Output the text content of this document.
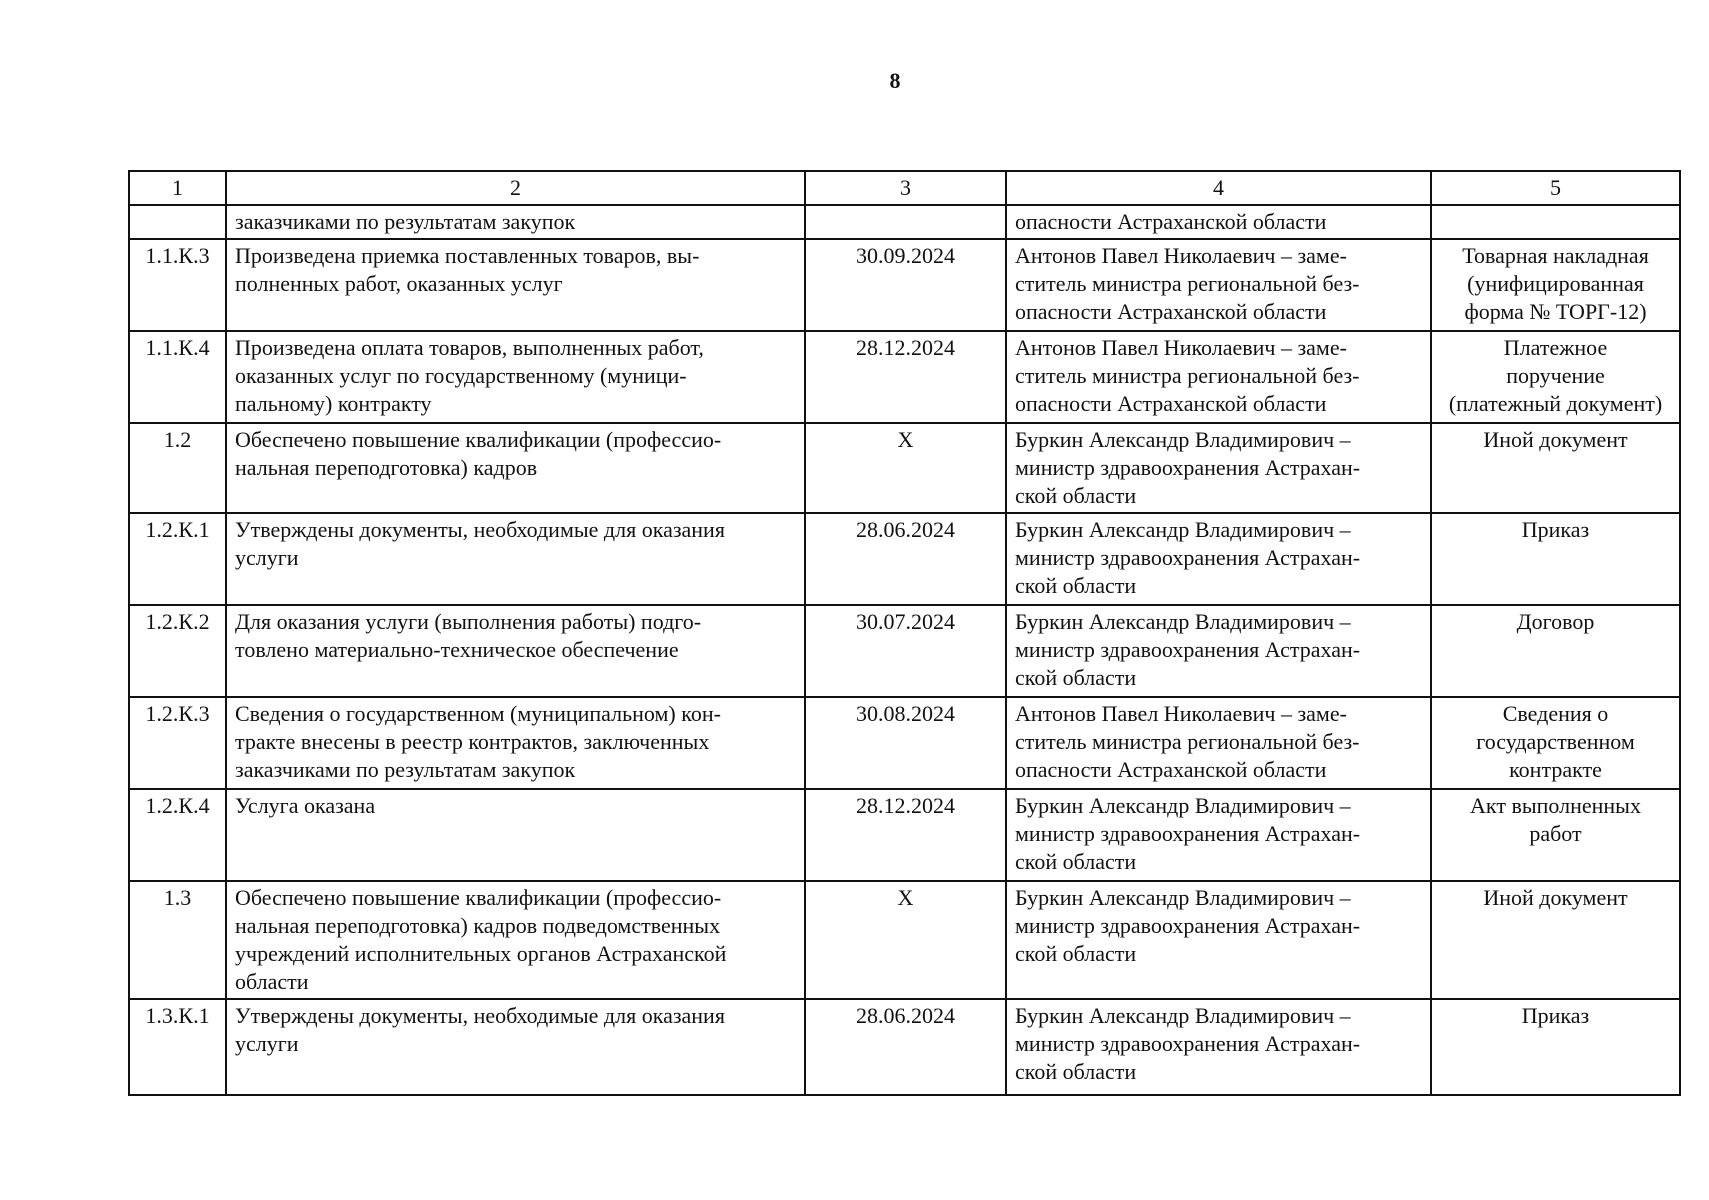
8
1	2	3	4	5

	заказчиками по результатам закупок		опасности Астраханской области	

1.1.К.3	Произведена приемка поставленных товаров, вы-
полненных работ, оказанных услуг	30.09.2024	Антонов Павел Николаевич – заме-
ститель министра региональной без-
опасности Астраханской области	Товарная накладная
(унифицированная
форма № ТОРГ-12)

1.1.К.4	Произведена оплата товаров, выполненных работ,
оказанных услуг по государственному (муници-
пальному) контракту	28.12.2024	Антонов Павел Николаевич – заме-
ститель министра региональной без-
опасности Астраханской области	Платежное
поручение
(платежный документ)

1.2	Обеспечено повышение квалификации (профессио-
нальная переподготовка) кадров	X	Буркин Александр Владимирович –
министр здравоохранения Астрахан-
ской области	Иной документ

1.2.К.1	Утверждены документы, необходимые для оказания
услуги	28.06.2024	Буркин Александр Владимирович –
министр здравоохранения Астрахан-
ской области	Приказ

1.2.К.2	Для оказания услуги (выполнения работы) подго-
товлено материально-техническое обеспечение	30.07.2024	Буркин Александр Владимирович –
министр здравоохранения Астрахан-
ской области	Договор

1.2.К.3	Сведения о государственном (муниципальном) кон-
тракте внесены в реестр контрактов, заключенных
заказчиками по результатам закупок	30.08.2024	Антонов Павел Николаевич – заме-
ститель министра региональной без-
опасности Астраханской области	Сведения о
государственном
контракте

1.2.К.4	Услуга оказана	28.12.2024	Буркин Александр Владимирович –
министр здравоохранения Астрахан-
ской области	Акт выполненных
работ

1.3	Обеспечено повышение квалификации (профессио-
нальная переподготовка) кадров подведомственных
учреждений исполнительных органов Астраханской
области	X	Буркин Александр Владимирович –
министр здравоохранения Астрахан-
ской области	Иной документ

1.3.К.1	Утверждены документы, необходимые для оказания
услуги	28.06.2024	Буркин Александр Владимирович –
министр здравоохранения Астрахан-
ской области	Приказ
